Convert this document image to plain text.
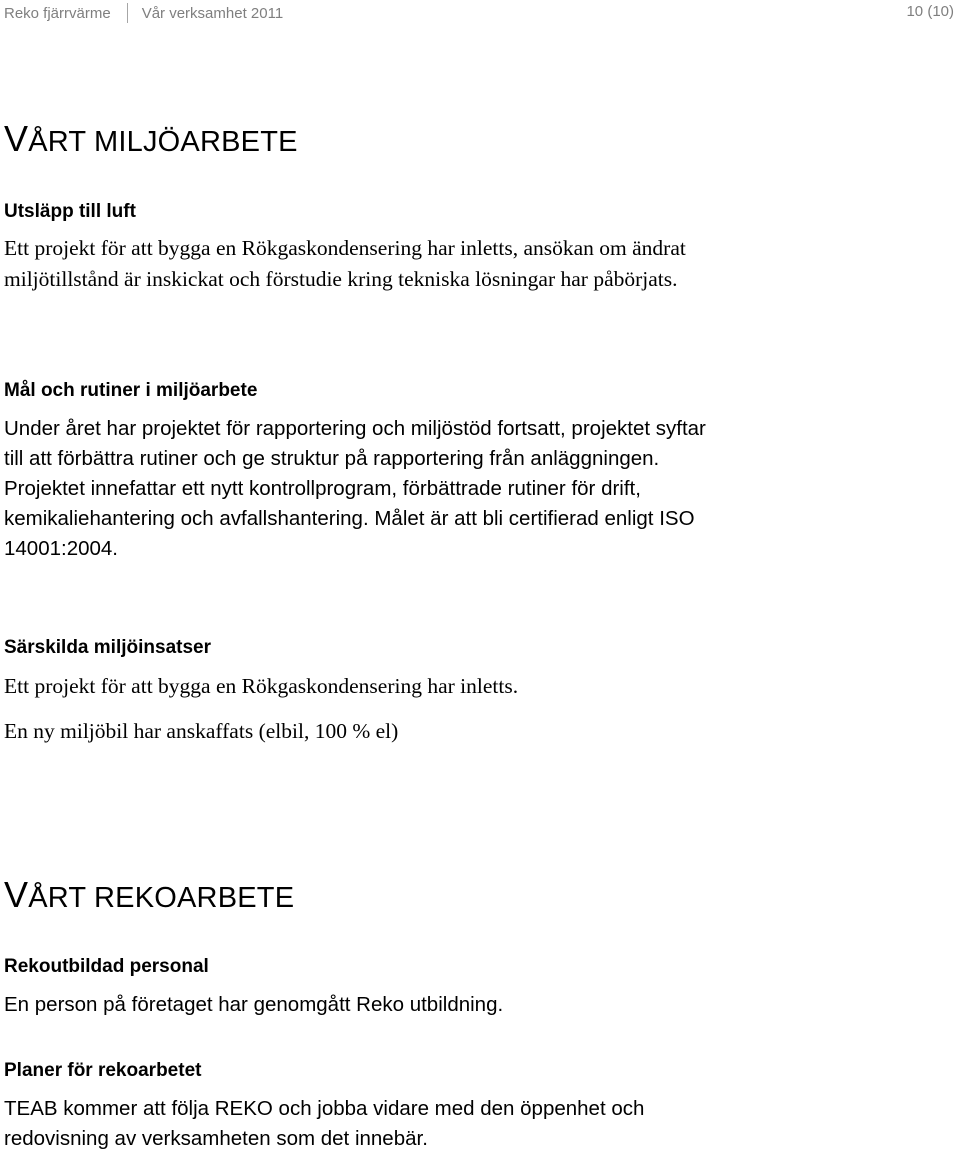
Reko fjärrvärme Vår verksamhet 2011	10 (10)
VÅRT MILJÖARBETE
Utsläpp till luft
Ett projekt för att bygga en Rökgaskondensering har inletts, ansökan om ändrat
miljötillstånd är inskickat och förstudie kring tekniska lösningar har påbörjats.
Mål och rutiner i miljöarbete
Under året har projektet för rapportering och miljöstöd fortsatt, projektet syftar
till att förbättra rutiner och ge struktur på rapportering från anläggningen.
Projektet innefattar ett nytt kontrollprogram, förbättrade rutiner för drift,
kemikaliehantering och avfallshantering. Målet är att bli certifierad enligt ISO
14001:2004.
Särskilda miljöinsatser
Ett projekt för att bygga en Rökgaskondensering har inletts.
En ny miljöbil har anskaffats (elbil, 100 % el)
VÅRT REKOARBETE
Rekoutbildad personal
En person på företaget har genomgått Reko utbildning.
Planer för rekoarbetet
TEAB kommer att följa REKO och jobba vidare med den öppenhet och
redovisning av verksamheten som det innebär.
